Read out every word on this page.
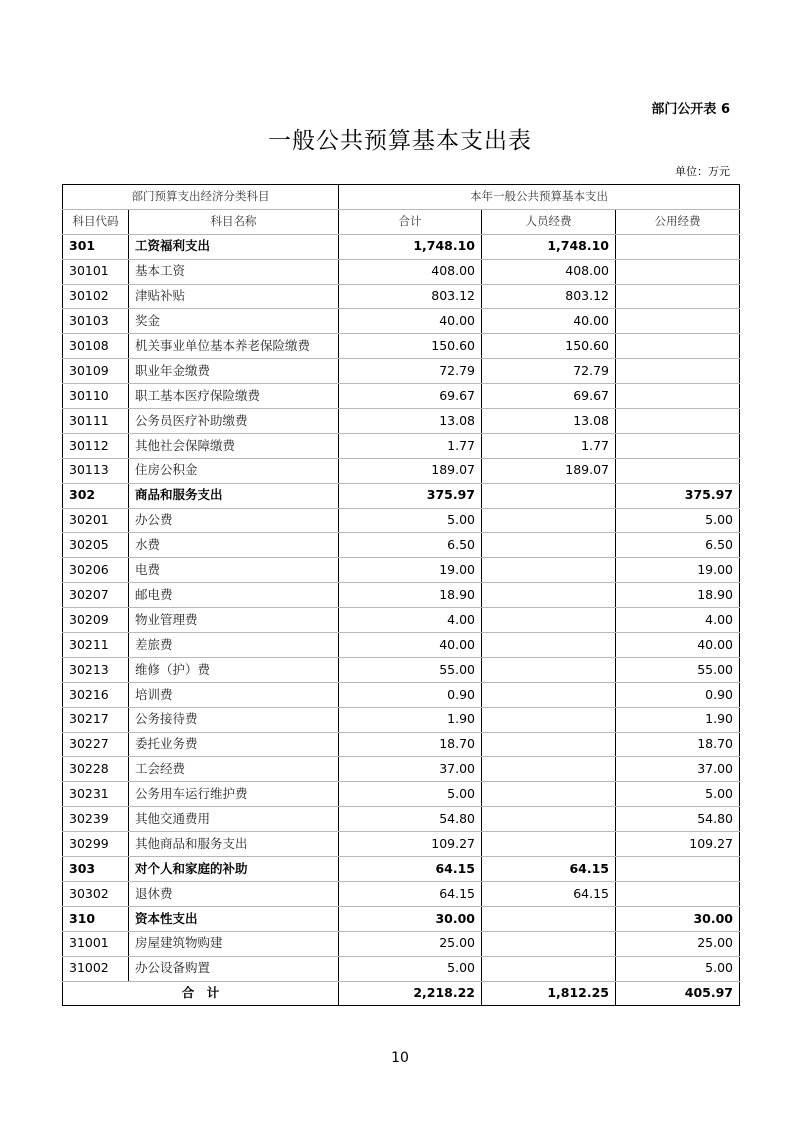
部门公开表 6
一般公共预算基本支出表
单位：万元
部门预算支出经济分类科目		本年一般公共预算基本支出		
科目代码	科目名称	合计	人员经费	公用经费
301	工资福利支出	1,748.10	1,748.10	
30101	基本工资	408.00	408.00	
30102	津贴补贴	803.12	803.12	
30103	奖金	40.00	40.00	
30108	机关事业单位基本养老保险缴费	150.60	150.60	
30109	职业年金缴费	72.79	72.79	
30110	职工基本医疗保险缴费	69.67	69.67	
30111	公务员医疗补助缴费	13.08	13.08	
30112	其他社会保障缴费	1.77	1.77	
30113	住房公积金	189.07	189.07	
302	商品和服务支出	375.97		375.97
30201	办公费	5.00		5.00
30205	水费	6.50		6.50
30206	电费	19.00		19.00
30207	邮电费	18.90		18.90
30209	物业管理费	4.00		4.00
30211	差旅费	40.00		40.00
30213	维修（护）费	55.00		55.00
30216	培训费	0.90		0.90
30217	公务接待费	1.90		1.90
30227	委托业务费	18.70		18.70
30228	工会经费	37.00		37.00
30231	公务用车运行维护费	5.00		5.00
30239	其他交通费用	54.80		54.80
30299	其他商品和服务支出	109.27		109.27
303	对个人和家庭的补助	64.15	64.15	
30302	退休费	64.15	64.15	
310	资本性支出	30.00		30.00
31001	房屋建筑物购建	25.00		25.00
31002	办公设备购置	5.00		5.00
合　计		2,218.22	1,812.25	405.97
10
